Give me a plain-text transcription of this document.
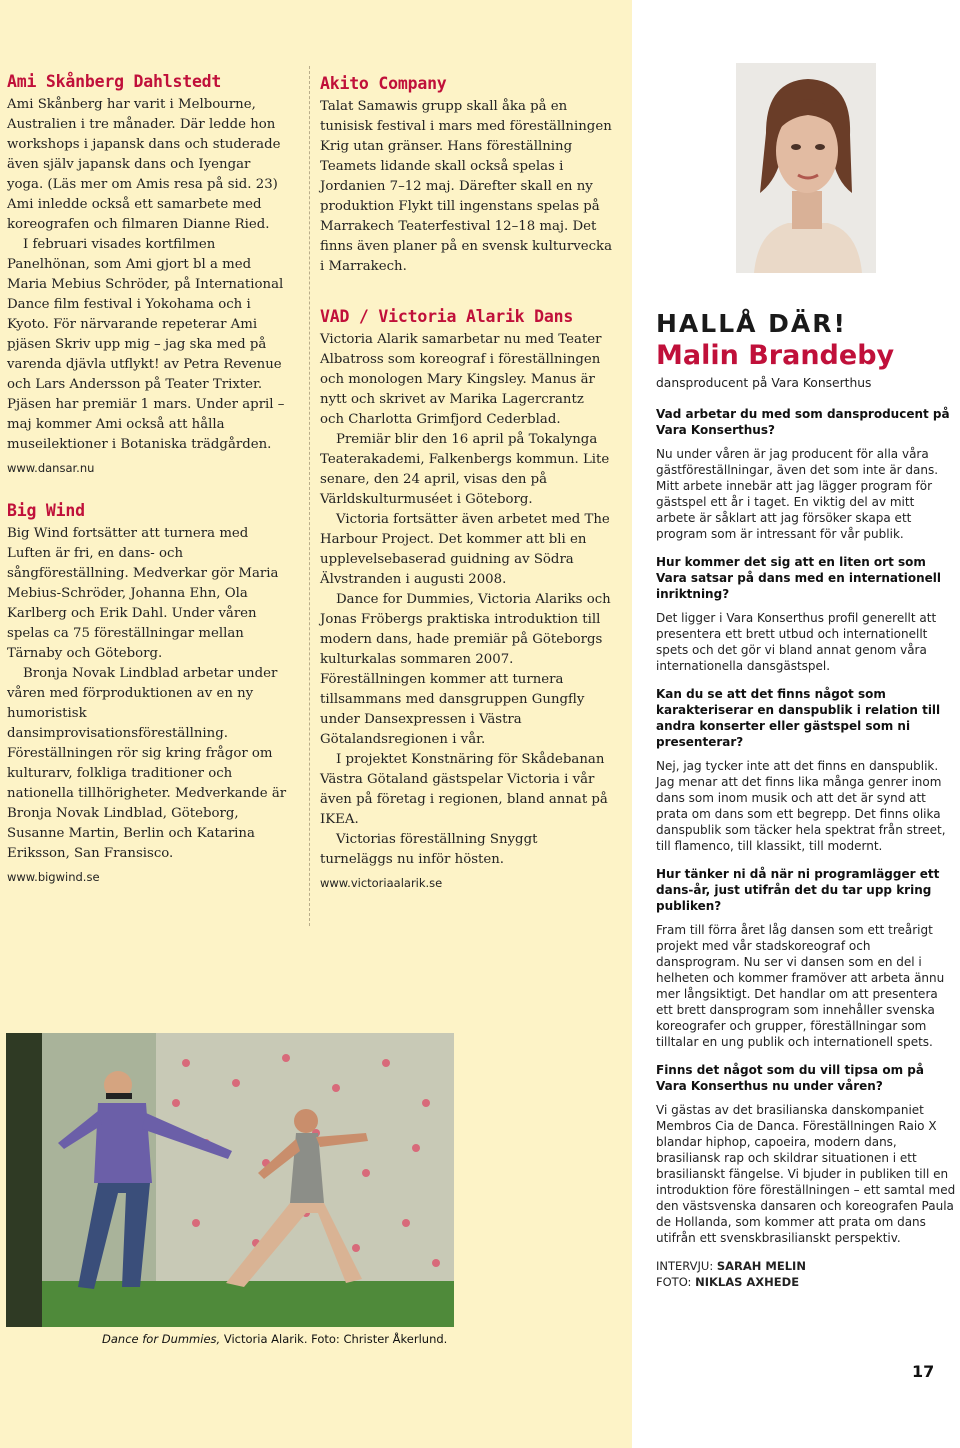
Ami Skånberg Dahlstedt

Ami Skånberg har varit i Melbourne, Australien i tre månader. Där ledde hon workshops i japansk dans och studerade även själv japansk dans och Iyengar yoga. (Läs mer om Amis resa på sid. 23) Ami inledde också ett samarbete med koreografen och filmaren Dianne Ried.

I februari visades kortfilmen Panelhönan, som Ami gjort bl a med Maria Mebius Schröder, på International Dance film festival i Yokohama och i Kyoto. För närvarande repeterar Ami pjäsen Skriv upp mig – jag ska med på varenda djävla utflykt! av Petra Revenue och Lars Andersson på Teater Trixter. Pjäsen har premiär 1 mars. Under april – maj kommer Ami också att hålla museilektioner i Botaniska trädgården.

www.dansar.nu

Big Wind

Big Wind fortsätter att turnera med Luften är fri, en dans- och sångföreställning. Medverkar gör Maria Mebius-Schröder, Johanna Ehn, Ola Karlberg och Erik Dahl. Under våren spelas ca 75 föreställningar mellan Tärnaby och Göteborg.

Bronja Novak Lindblad arbetar under våren med förproduktionen av en ny humoristisk dansimprovisationsföreställning. Föreställningen rör sig kring frågor om kulturarv, folkliga traditioner och nationella tillhörigheter. Medverkande är Bronja Novak Lindblad, Göteborg, Susanne Martin, Berlin och Katarina Eriksson, San Fransisco.

www.bigwind.se

Akito Company

Talat Samawis grupp skall åka på en tunisisk festival i mars med föreställningen Krig utan gränser. Hans föreställning Teamets lidande skall också spelas i Jordanien 7–12 maj. Därefter skall en ny produktion Flykt till ingenstans spelas på Marrakech Teaterfestival 12–18 maj. Det finns även planer på en svensk kulturvecka i Marrakech.

VAD / Victoria Alarik Dans

Victoria Alarik samarbetar nu med Teater Albatross som koreograf i föreställningen och monologen Mary Kingsley. Manus är nytt och skrivet av Marika Lagercrantz och Charlotta Grimfjord Cederblad.

Premiär blir den 16 april på Tokalynga Teaterakademi, Falkenbergs kommun. Lite senare, den 24 april, visas den på Världskulturmuséet i Göteborg.

Victoria fortsätter även arbetet med The Harbour Project. Det kommer att bli en upplevelsebaserad guidning av Södra Älvstranden i augusti 2008.

Dance for Dummies, Victoria Alariks och Jonas Fröbergs praktiska introduktion till modern dans, hade premiär på Göteborgs kulturkalas sommaren 2007. Föreställningen kommer att turnera tillsammans med dansgruppen Gungfly under Dansexpressen i Västra Götalandsregionen i vår.

I projektet Konstnäring för Skådebanan Västra Götaland gästspelar Victoria i vår även på företag i regionen, bland annat på IKEA.

Victorias föreställning Snyggt turneläggs nu inför hösten.

www.victoriaalarik.se

HALLÅ DÄR!

Malin Brandeby

dansproducent på Vara Konserthus

Vad arbetar du med som dansproducent på Vara Konserthus?

Nu under våren är jag producent för alla våra gästföreställningar, även det som inte är dans. Mitt arbete innebär att jag lägger program för gästspel ett år i taget. En viktig del av mitt arbete är såklart att jag försöker skapa ett program som är intressant för vår publik.

Hur kommer det sig att en liten ort som Vara satsar på dans med en internationell inriktning?

Det ligger i Vara Konserthus profil generellt att presentera ett brett utbud och internationellt spets och det gör vi bland annat genom våra internationella dansgästspel.

Kan du se att det finns något som karakteriserar en danspublik i relation till andra konserter eller gästspel som ni presenterar?

Nej, jag tycker inte att det finns en danspublik. Jag menar att det finns lika många genrer inom dans som inom musik och att det är synd att prata om dans som ett begrepp. Det finns olika danspublik som täcker hela spektrat från street, till flamenco, till klassikt, till modernt.

Hur tänker ni då när ni programlägger ett dans-år, just utifrån det du tar upp kring publiken?

Fram till förra året låg dansen som ett treårigt projekt med vår stadskoreograf och dansprogram. Nu ser vi dansen som en del i helheten och kommer framöver att arbeta ännu mer långsiktigt. Det handlar om att presentera ett brett dansprogram som innehåller svenska koreografer och grupper, föreställningar som tilltalar en ung publik och internationell spets.

Finns det något som du vill tipsa om på Vara Konserthus nu under våren?

Vi gästas av det brasilianska danskompaniet Membros Cia de Danca. Föreställningen Raio X blandar hiphop, capoeira, modern dans, brasiliansk rap och skildrar situationen i ett brasilianskt fängelse. Vi bjuder in publiken till en introduktion före föreställningen – ett samtal med den västsvenska dansaren och koreografen Paula de Hollanda, som kommer att prata om dans utifrån ett svenskbrasilianskt perspektiv.

INTERVJU: SARAH MELIN
FOTO: NIKLAS AXHEDE

Dance for Dummies, Victoria Alarik. Foto: Christer Åkerlund.
17
